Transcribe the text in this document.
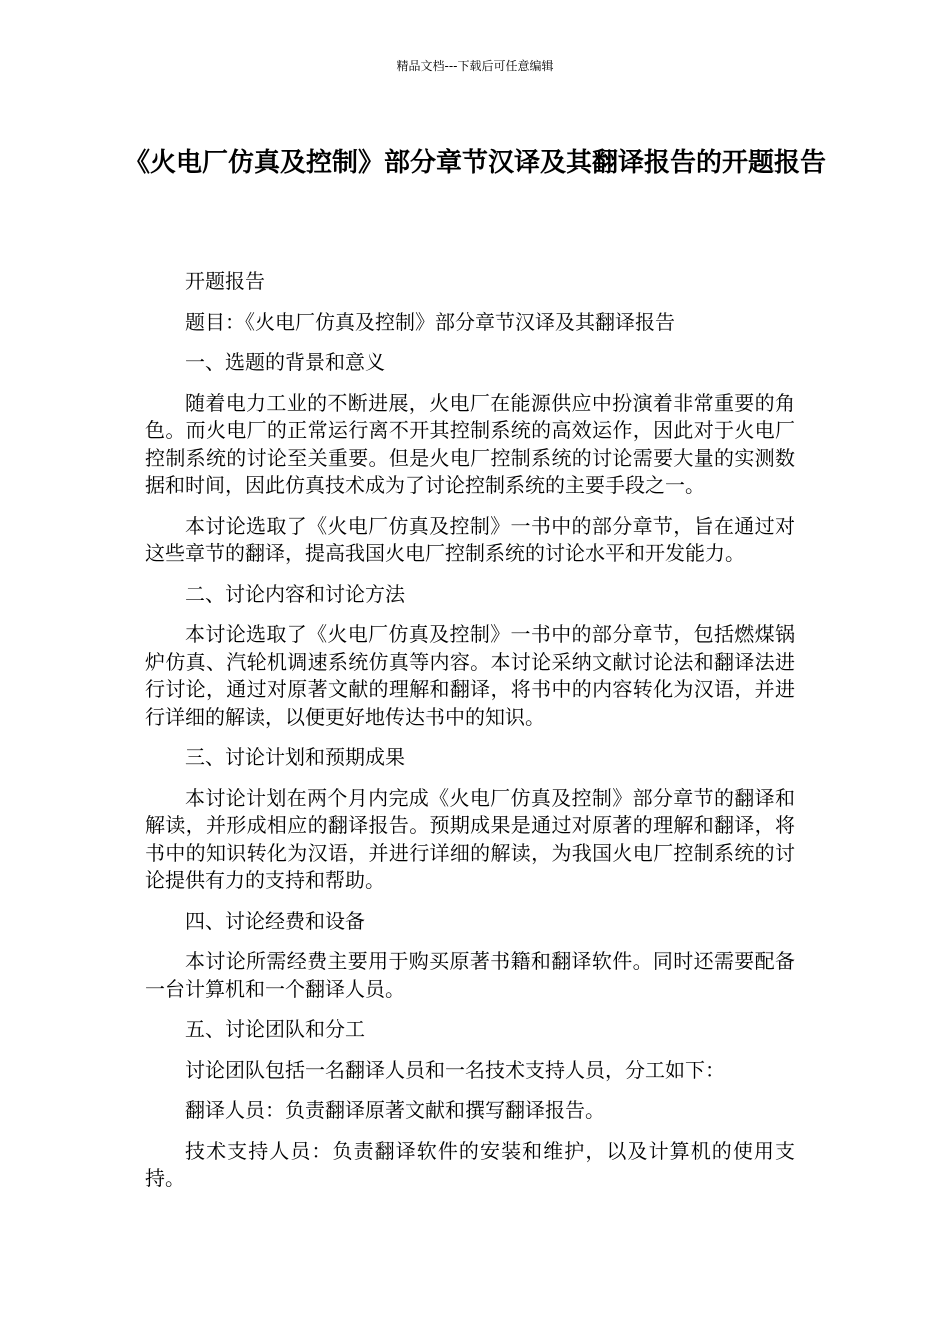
精品文档---下载后可任意编辑
《火电厂仿真及控制》部分章节汉译及其翻译报告的开题报告

开题报告

题目：《火电厂仿真及控制》部分章节汉译及其翻译报告

一、选题的背景和意义

随着电力工业的不断进展，火电厂在能源供应中扮演着非常重要的角色。而火电厂的正常运行离不开其控制系统的高效运作，因此对于火电厂控制系统的讨论至关重要。但是火电厂控制系统的讨论需要大量的实测数据和时间，因此仿真技术成为了讨论控制系统的主要手段之一。

本讨论选取了《火电厂仿真及控制》一书中的部分章节，旨在通过对这些章节的翻译，提高我国火电厂控制系统的讨论水平和开发能力。

二、讨论内容和讨论方法

本讨论选取了《火电厂仿真及控制》一书中的部分章节，包括燃煤锅炉仿真、汽轮机调速系统仿真等内容。本讨论采纳文献讨论法和翻译法进行讨论，通过对原著文献的理解和翻译，将书中的内容转化为汉语，并进行详细的解读，以便更好地传达书中的知识。

三、讨论计划和预期成果

本讨论计划在两个月内完成《火电厂仿真及控制》部分章节的翻译和解读，并形成相应的翻译报告。预期成果是通过对原著的理解和翻译，将书中的知识转化为汉语，并进行详细的解读，为我国火电厂控制系统的讨论提供有力的支持和帮助。

四、讨论经费和设备

本讨论所需经费主要用于购买原著书籍和翻译软件。同时还需要配备一台计算机和一个翻译人员。

五、讨论团队和分工

讨论团队包括一名翻译人员和一名技术支持人员，分工如下：

翻译人员：负责翻译原著文献和撰写翻译报告。

技术支持人员：负责翻译软件的安装和维护，以及计算机的使用支持。
